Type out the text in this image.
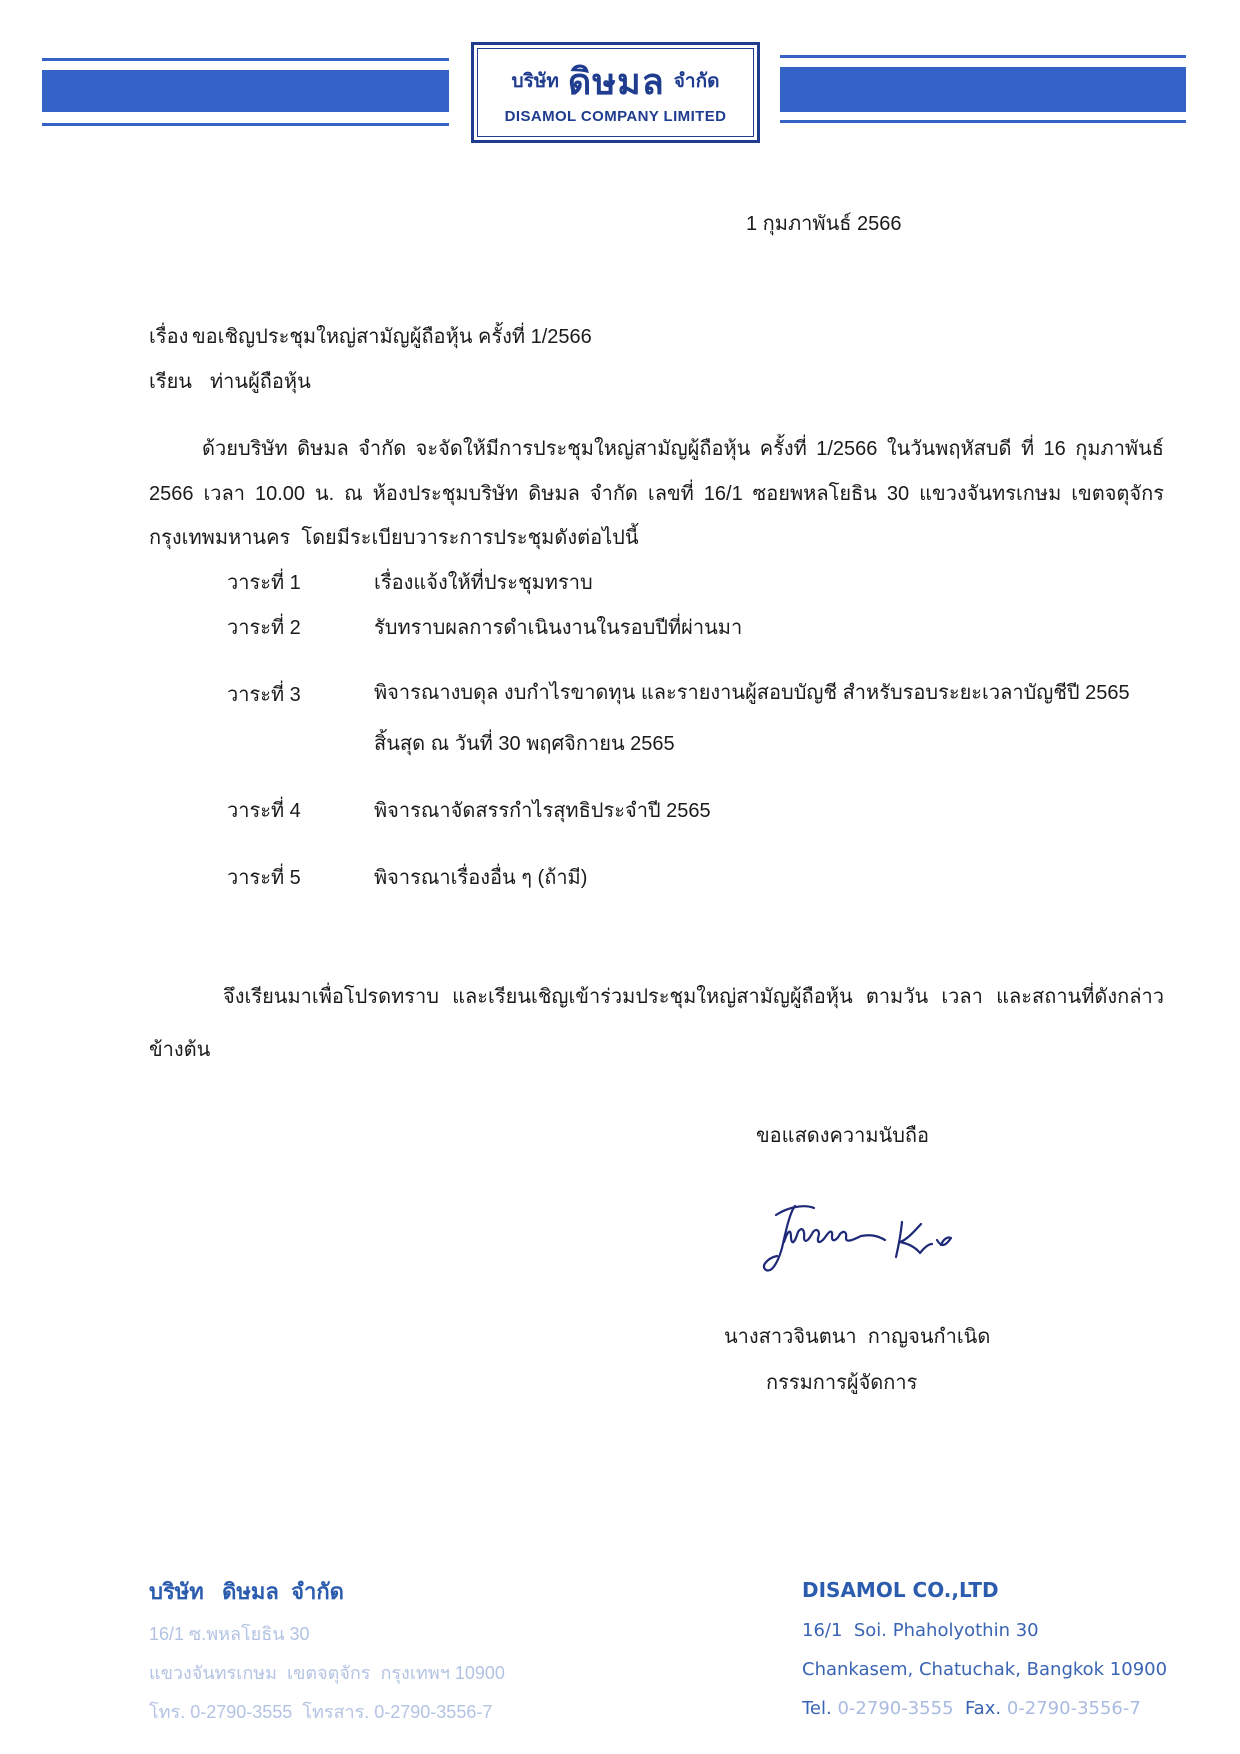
บริษัท ดิษมล จำกัด
DISAMOL COMPANY LIMITED
1 กุมภาพันธ์ 2566
เรื่อง ขอเชิญประชุมใหญ่สามัญผู้ถือหุ้น ครั้งที่ 1/2566
เรียน ท่านผู้ถือหุ้น
ด้วยบริษัท ดิษมล จำกัด จะจัดให้มีการประชุมใหญ่สามัญผู้ถือหุ้น ครั้งที่ 1/2566 ในวันพฤหัสบดี ที่ 16 กุมภาพันธ์
2566 เวลา 10.00 น. ณ ห้องประชุมบริษัท ดิษมล จำกัด เลขที่ 16/1 ซอยพหลโยธิน 30 แขวงจันทรเกษม เขตจตุจักร
กรุงเทพมหานคร  โดยมีระเบียบวาระการประชุมดังต่อไปนี้
วาระที่ 1	เรื่องแจ้งให้ที่ประชุมทราบ
วาระที่ 2	รับทราบผลการดำเนินงานในรอบปีที่ผ่านมา
วาระที่ 3	พิจารณางบดุล งบกำไรขาดทุน และรายงานผู้สอบบัญชี สำหรับรอบระยะเวลาบัญชีปี 2565
สิ้นสุด ณ วันที่ 30 พฤศจิกายน 2565
วาระที่ 4	พิจารณาจัดสรรกำไรสุทธิประจำปี 2565
วาระที่ 5	พิจารณาเรื่องอื่น ๆ (ถ้ามี)
จึงเรียนมาเพื่อโปรดทราบ และเรียนเชิญเข้าร่วมประชุมใหญ่สามัญผู้ถือหุ้น ตามวัน เวลา และสถานที่ดังกล่าว
ข้างต้น
ขอแสดงความนับถือ
นางสาวจินตนา  กาญจนกำเนิด
กรรมการผู้จัดการ
บริษัท   ดิษมล  จำกัด
16/1 ซ.พหลโยธิน 30
แขวงจันทรเกษม  เขตจตุจักร  กรุงเทพฯ 10900
โทร. 0-2790-3555  โทรสาร. 0-2790-3556-7
DISAMOL CO.,LTD
16/1  Soi. Phaholyothin 30
Chankasem, Chatuchak, Bangkok 10900
Tel. 0-2790-3555 Fax. 0-2790-3556-7
